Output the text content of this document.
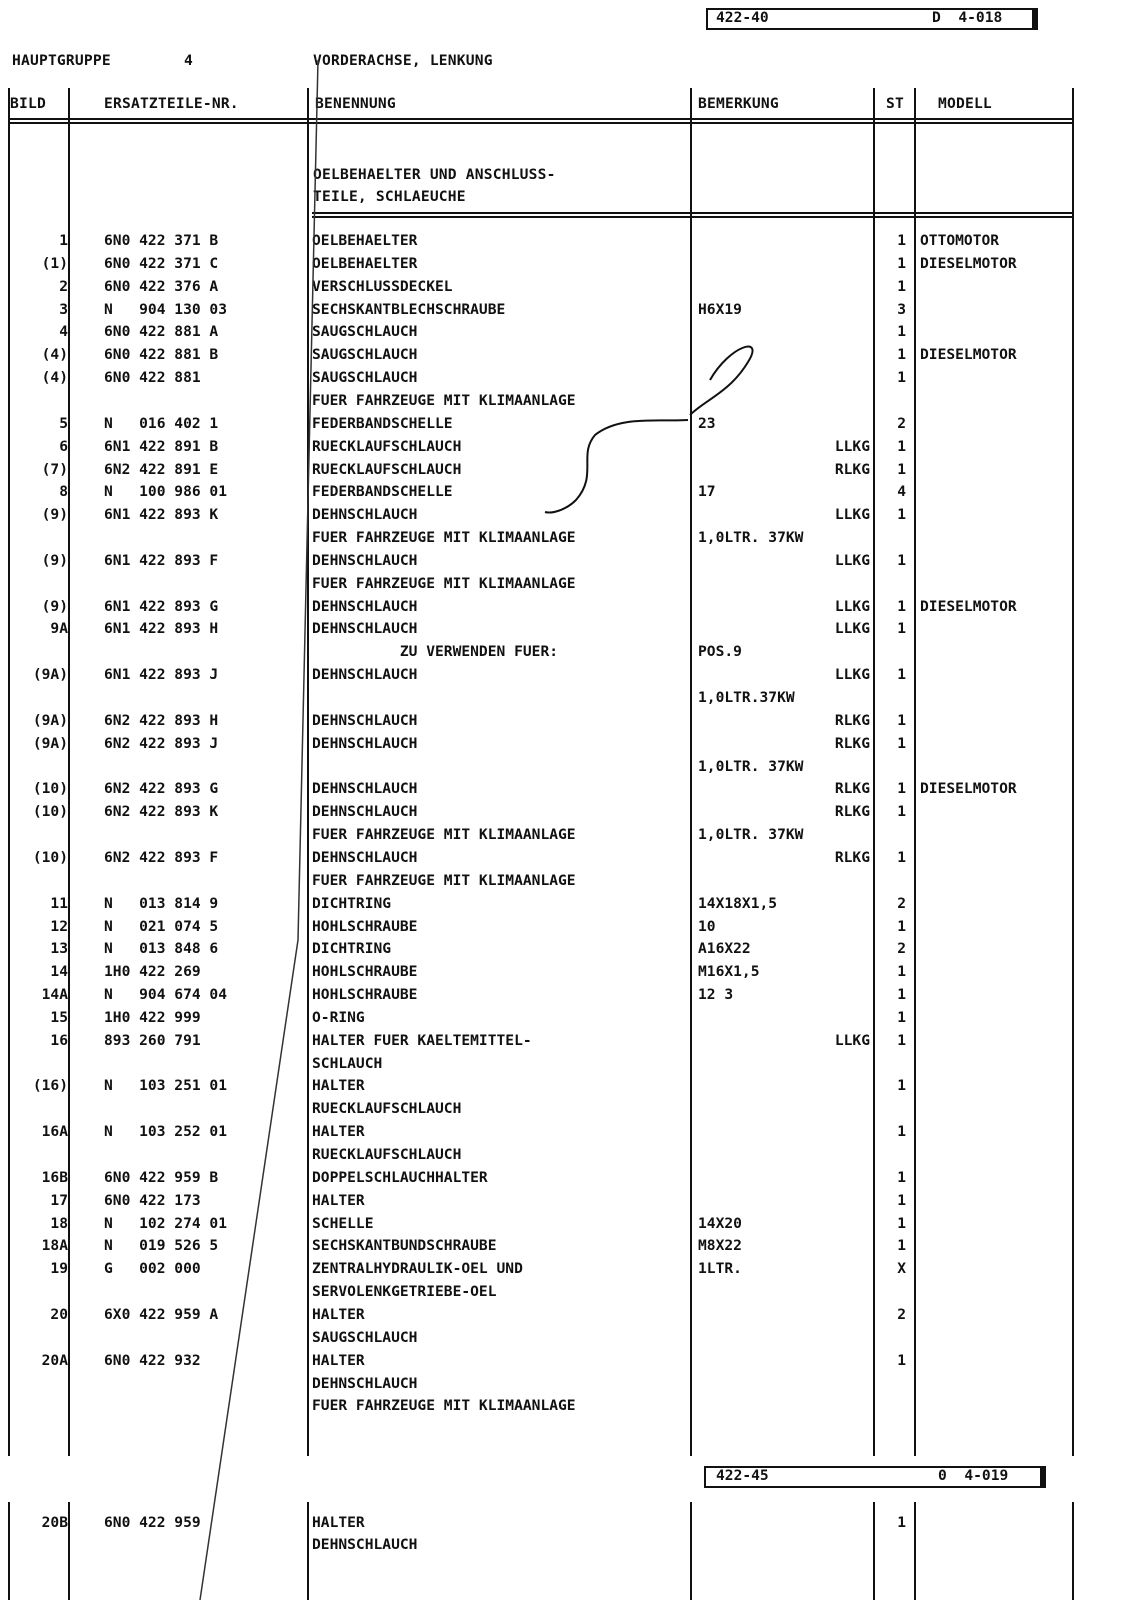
422-40	D  4-018
HAUPTGRUPPE	4	VORDERACHSE, LENKUNG
BILD	ERSATZTEILE-NR.	BENENNUNG	BEMERKUNG	ST MODELL
OELBEHAELTER UND ANSCHLUSS-
TEILE, SCHLAEUCHE
1 6N0 422 371 B	OELBEHAELTER	1 OTTOMOTOR
(1) 6N0 422 371 C	OELBEHAELTER	1 DIESELMOTOR
2 6N0 422 376 A	VERSCHLUSSDECKEL	1
3 N   904 130 03	SECHSKANTBLECHSCHRAUBE	H6X19	3
4 6N0 422 881 A	SAUGSCHLAUCH	1
(4) 6N0 422 881 B	SAUGSCHLAUCH	1 DIESELMOTOR
(4) 6N0 422 881	SAUGSCHLAUCH	1
FUER FAHRZEUGE MIT KLIMAANLAGE
5 N   016 402 1	FEDERBANDSCHELLE	23	2
6 6N1 422 891 B	RUECKLAUFSCHLAUCH	LLKG	1
(7) 6N2 422 891 E	RUECKLAUFSCHLAUCH	RLKG	1
8 N   100 986 01	FEDERBANDSCHELLE	17	4
(9) 6N1 422 893 K	DEHNSCHLAUCH	LLKG	1
FUER FAHRZEUGE MIT KLIMAANLAGE	1,0LTR. 37KW
(9) 6N1 422 893 F	DEHNSCHLAUCH	LLKG	1
FUER FAHRZEUGE MIT KLIMAANLAGE
(9) 6N1 422 893 G	DEHNSCHLAUCH	LLKG	1 DIESELMOTOR
9A 6N1 422 893 H	DEHNSCHLAUCH	LLKG	1
ZU VERWENDEN FUER:	POS.9
(9A) 6N1 422 893 J	DEHNSCHLAUCH	LLKG	1
1,0LTR.37KW
(9A) 6N2 422 893 H	DEHNSCHLAUCH	RLKG	1
(9A) 6N2 422 893 J	DEHNSCHLAUCH	RLKG	1
1,0LTR. 37KW
(10) 6N2 422 893 G	DEHNSCHLAUCH	RLKG	1 DIESELMOTOR
(10) 6N2 422 893 K	DEHNSCHLAUCH	RLKG	1
FUER FAHRZEUGE MIT KLIMAANLAGE	1,0LTR. 37KW
(10) 6N2 422 893 F	DEHNSCHLAUCH	RLKG	1
FUER FAHRZEUGE MIT KLIMAANLAGE
11 N   013 814 9	DICHTRING	14X18X1,5	2
12 N   021 074 5	HOHLSCHRAUBE	10	1
13 N   013 848 6	DICHTRING	A16X22	2
14 1H0 422 269	HOHLSCHRAUBE	M16X1,5	1
14A N   904 674 04	HOHLSCHRAUBE	12 3	1
15 1H0 422 999	O-RING	1
16 893 260 791	HALTER FUER KAELTEMITTEL-	LLKG	1
SCHLAUCH
(16) N   103 251 01	HALTER	1
RUECKLAUFSCHLAUCH
16A N   103 252 01	HALTER	1
RUECKLAUFSCHLAUCH
16B 6N0 422 959 B	DOPPELSCHLAUCHHALTER	1
17 6N0 422 173	HALTER	1
18 N   102 274 01	SCHELLE	14X20	1
18A N   019 526 5	SECHSKANTBUNDSCHRAUBE	M8X22	1
19 G   002 000	ZENTRALHYDRAULIK-OEL UND	1LTR.	X
SERVOLENKGETRIEBE-OEL
20 6X0 422 959 A	HALTER	2
SAUGSCHLAUCH
20A 6N0 422 932	HALTER	1
DEHNSCHLAUCH
FUER FAHRZEUGE MIT KLIMAANLAGE
20B 6N0 422 959	HALTER	1
DEHNSCHLAUCH
422-45	0  4-019
